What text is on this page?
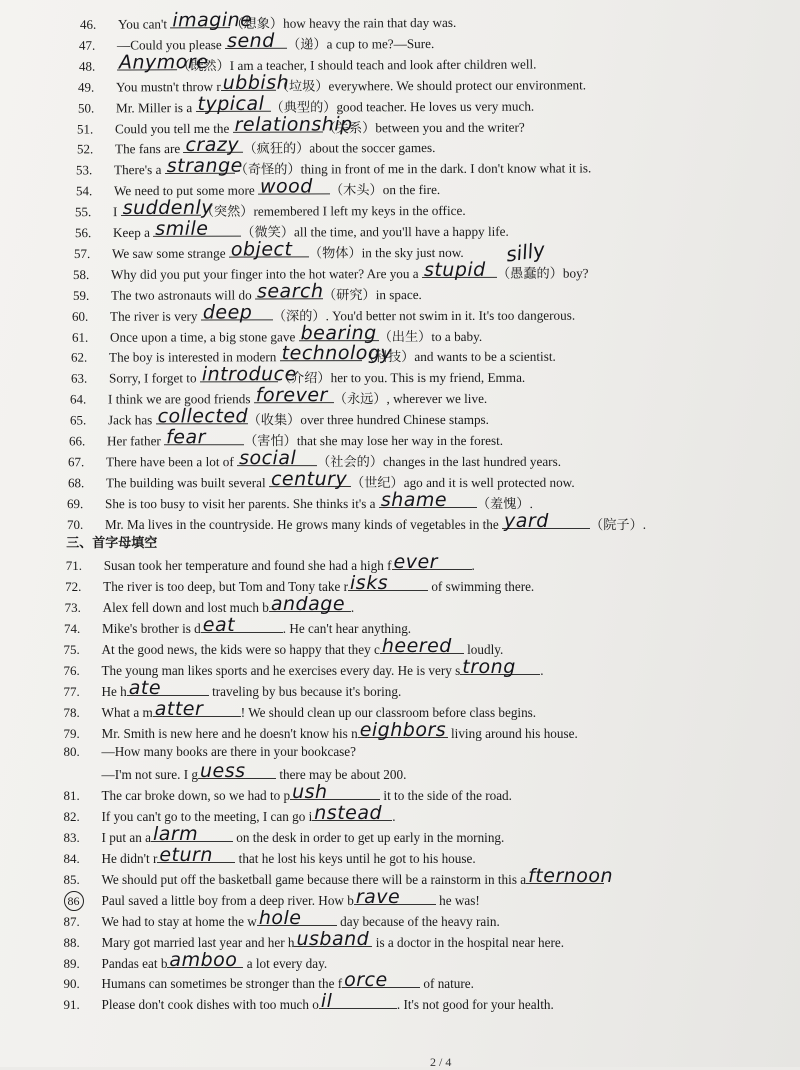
46. You can't imagine
（想象）how heavy the rain that day was.
47. —Could you please send （递）a cup to me?—Sure.
48. Anymore
（既然）I am a teacher, I should teach and look after children well.
49. You mustn't throw r ubbish
（垃圾）everywhere. We should protect our environment.
50. Mr. Miller is a typical （典型的）good teacher. He loves us very much.
51. Could you tell me the relationship
（关系）between you and the writer?
52. The fans are crazy （疯狂的）about the soccer games.
53. There's a strange
（奇怪的）thing in front of me in the dark. I don't know what it is.
54. We need to put some more wood （木头）on the fire.
55. I suddenly
（突然）remembered I left my keys in the office.
56. Keep a smile （微笑）all the time, and you'll have a happy life.
57. We saw some strange object （物体）in the sky just now.
58. Why did you put your finger into the hot water? Are you a stupid （愚蠢的）boy?
59. The two astronauts will do search （研究）in space.
60. The river is very deep （深的）. You'd better not swim in it. It's too dangerous.
61. Once upon a time, a big stone gave bearing （出生）to a baby.
62. The boy is interested in modern technology
（科技）and wants to be a scientist.
63. Sorry, I forget to introduce
（介绍）her to you. This is my friend, Emma.
64. I think we are good friends forever （永远）, wherever we live.
65. Jack has collected （收集）over three hundred Chinese stamps.
66. Her father fear	（害怕）that she may lose her way in the forest.
67. There have been a lot of social （社会的）changes in the last hundred years.
68. The building was built several century （世纪）ago and it is well protected now.
69. She is too busy to visit her parents. She thinks it's a shame （羞愧）.
70. Mr. Ma lives in the countryside. He grows many kinds of vegetables in the yard	（院子）.
三、首字母填空
71. Susan took her temperature and found she had a high f ever	.
72. The river is too deep, but Tom and Tony take r isks	of swimming there.
73. Alex fell down and lost much b andage .
74. Mike's brother is d eat	. He can't hear anything.
75. At the good news, the kids were so happy that they c heered loudly.
76. The young man likes sports and he exercises every day. He is very s trong .
77. He h ate	traveling by bus because it's boring.
78. What a m atter	! We should clean up our classroom before class begins.
79. Mr. Smith is new here and he doesn't know his n eighbors living around his house.
80. —How many books are there in your bookcase?
—I'm not sure. I g uess there may be about 200.
81. The car broke down, so we had to p ush	it to the side of the road.
82. If you can't go to the meeting, I can go i nstead .
83. I put an a larm	on the desk in order to get up early in the morning.
84. He didn't r eturn that he lost his keys until he got to his house.
85. We should put off the basketball game because there will be a rainstorm in this a fternoon
86 Paul saved a little boy from a deep river. How b rave	he was!
87. We had to stay at home the w hole	day because of the heavy rain.
88. Mary got married last year and her h usband is a doctor in the hospital near here.
89. Pandas eat b amboo a lot every day.
90. Humans can sometimes be stronger than the f orce of nature.
91. Please don't cook dishes with too much o il	. It's not good for your health.
silly
2 / 4
